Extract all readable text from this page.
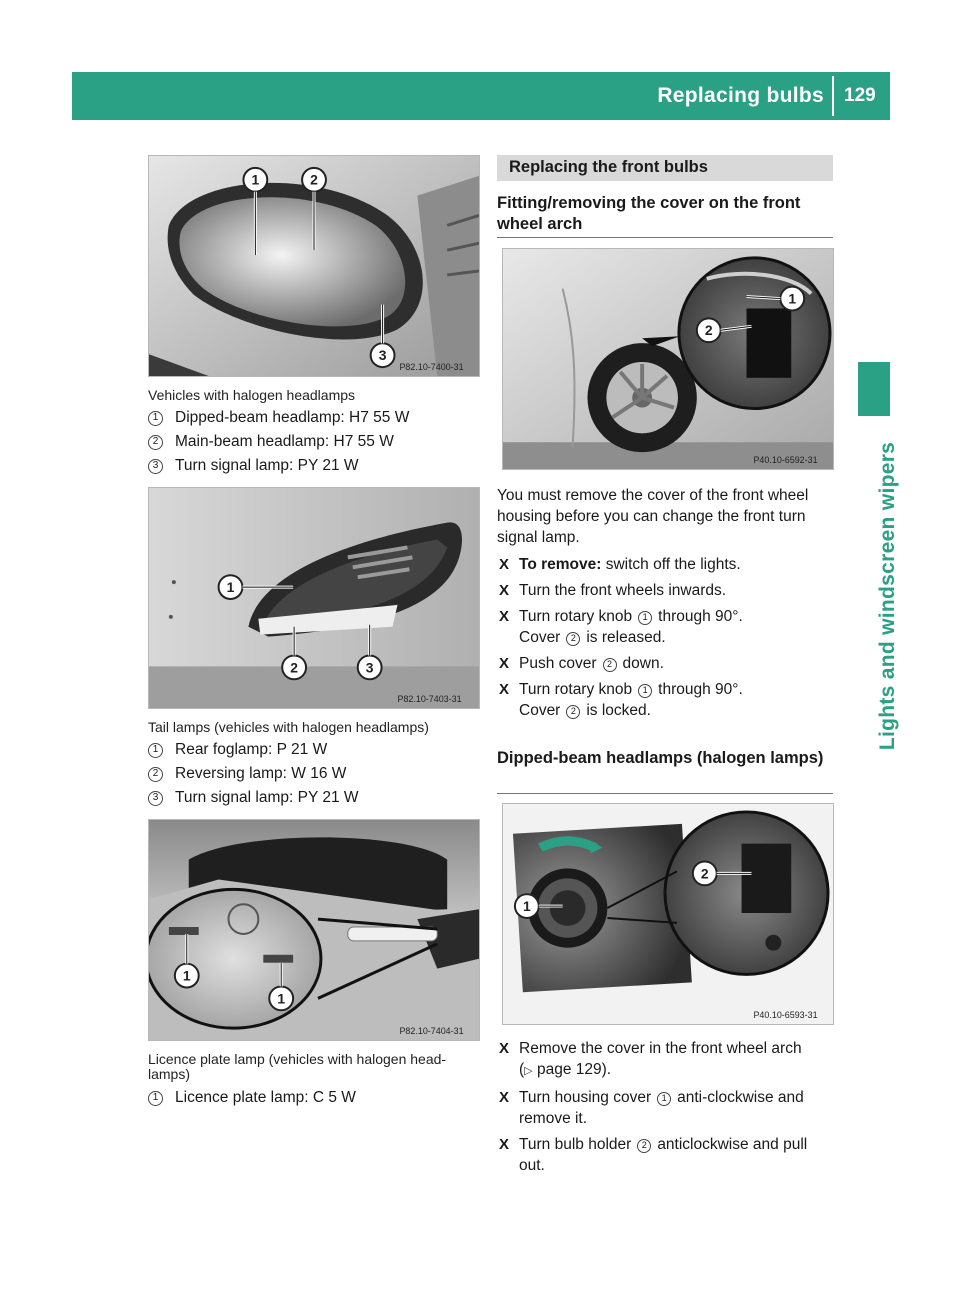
Replacing bulbs 129
Lights and windscreen wipers
1	2
3
P82.10-7400-31
Vehicles with halogen headlamps
1	Dipped-beam headlamp: H7 55 W
2	Main-beam headlamp: H7 55 W
3	Turn signal lamp: PY 21 W
1
2	3
P82.10-7403-31
Tail lamps (vehicles with halogen headlamps)
1	Rear foglamp: P 21 W
2	Reversing lamp: W 16 W
3	Turn signal lamp: PY 21 W
1
1
P82.10-7404-31
Licence plate lamp (vehicles with halogen head-
lamps)
1	Licence plate lamp: C 5 W
Replacing the front bulbs
Fitting/removing the cover on the front wheel arch
1
2
P40.10-6592-31
You must remove the cover of the front wheel housing before you can change the front turn signal lamp.
X To remove: switch off the lights.
X Turn the front wheels inwards.
X Turn rotary knob 1 through 90°.
Cover 2 is released.
X Push cover 2 down.
X Turn rotary knob 1 through 90°.
Cover 2 is locked.
Dipped-beam headlamps (halogen lamps)
1
2
P40.10-6593-31
X Remove the cover in the front wheel arch
(▷ page 129).
X Turn housing cover 1 anti-clockwise and remove it.
X Turn bulb holder 2 anticlockwise and pull out.
